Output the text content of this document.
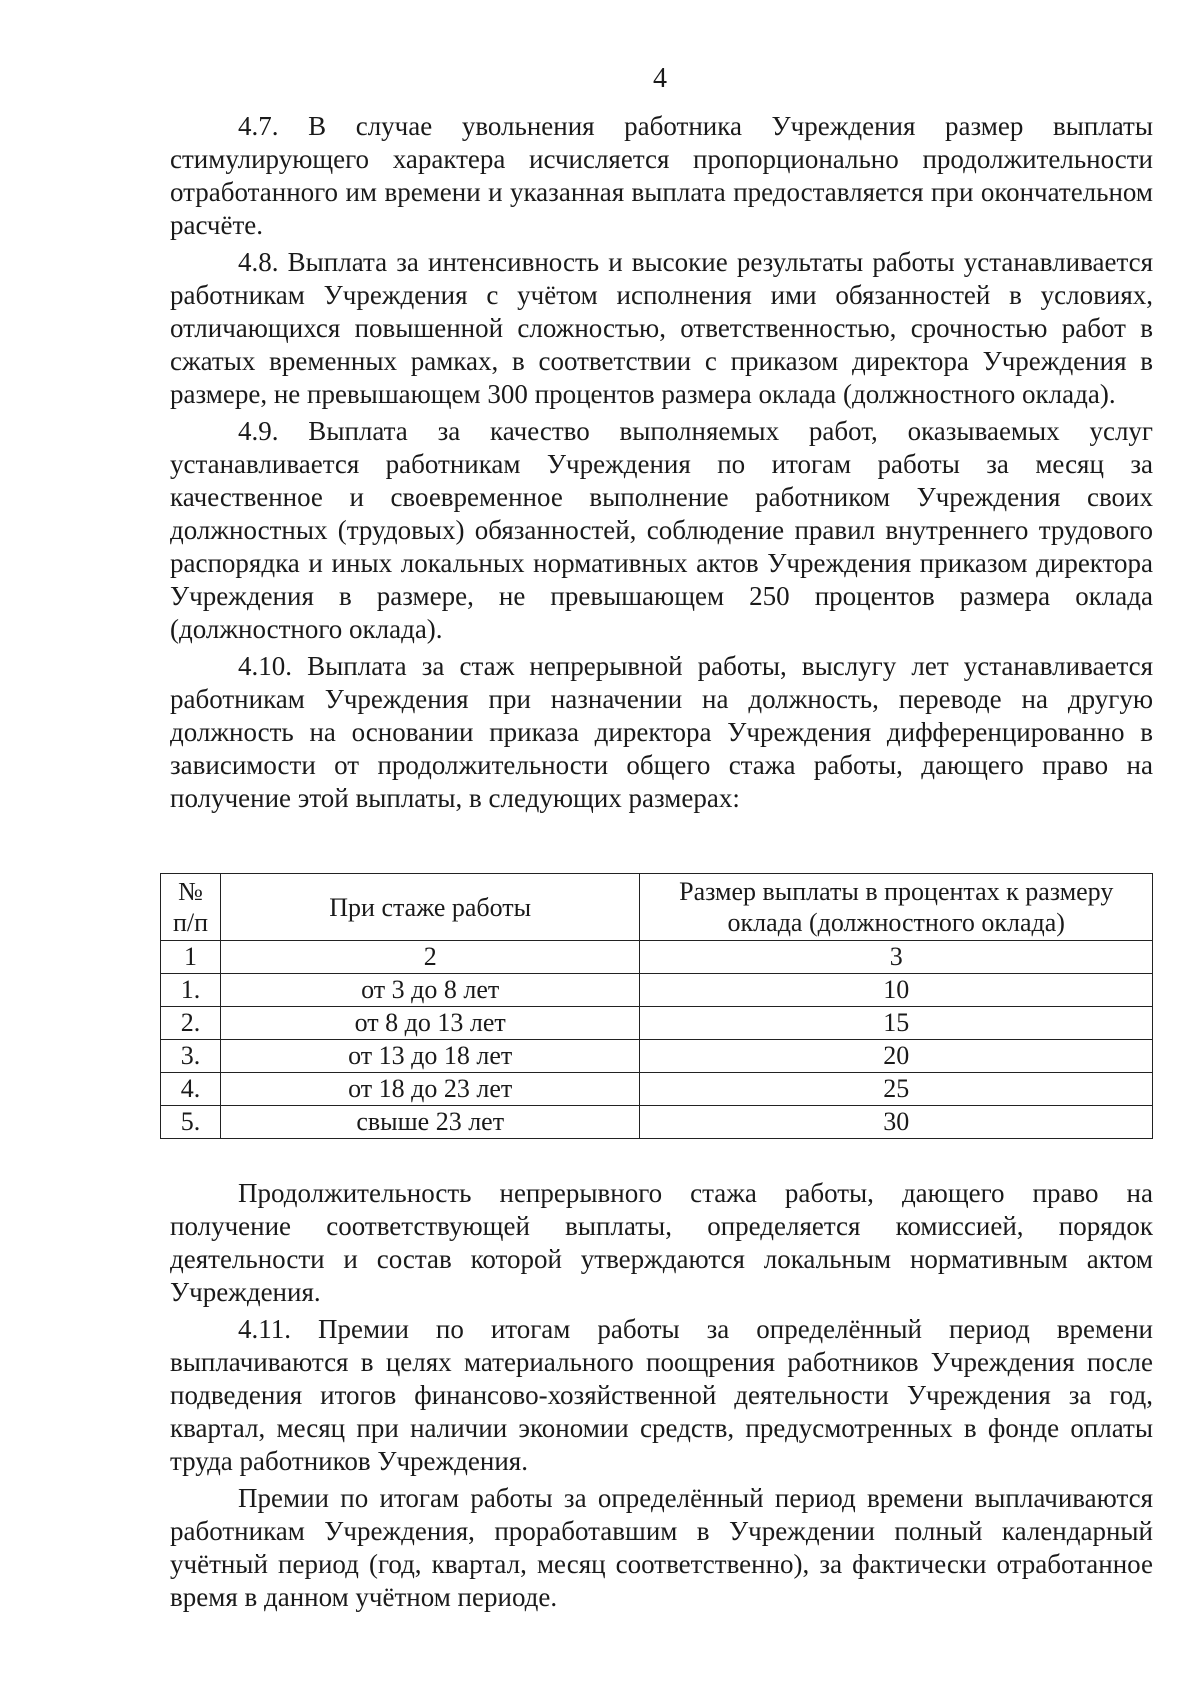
4

4.7. В случае увольнения работника Учреждения размер выплаты стимулирующего характера исчисляется пропорционально продолжительности отработанного им времени и указанная выплата предоставляется при окончательном расчёте.

4.8. Выплата за интенсивность и высокие результаты работы устанавливается работникам Учреждения с учётом исполнения ими обязанностей в условиях, отличающихся повышенной сложностью, ответственностью, срочностью работ в сжатых временных рамках, в соответствии с приказом директора Учреждения в размере, не превышающем 300 процентов размера оклада (должностного оклада).

4.9. Выплата за качество выполняемых работ, оказываемых услуг устанавливается работникам Учреждения по итогам работы за месяц за качественное и своевременное выполнение работником Учреждения своих должностных (трудовых) обязанностей, соблюдение правил внутреннего трудового распорядка и иных локальных нормативных актов Учреждения приказом директора Учреждения в размере, не превышающем 250 процентов размера оклада (должностного оклада).

4.10. Выплата за стаж непрерывной работы, выслугу лет устанавливается работникам Учреждения при назначении на должность, переводе на другую должность на основании приказа директора Учреждения дифференцированно в зависимости от продолжительности общего стажа работы, дающего право на получение этой выплаты, в следующих размерах:

№ п/п	При стаже работы	Размер выплаты в процентах к размеру оклада (должностного оклада)
1	2	3
1.	от 3 до 8 лет	10
2.	от 8 до 13 лет	15
3.	от 13 до 18 лет	20
4.	от 18 до 23 лет	25
5.	свыше 23 лет	30

Продолжительность непрерывного стажа работы, дающего право на получение соответствующей выплаты, определяется комиссией, порядок деятельности и состав которой утверждаются локальным нормативным актом Учреждения.

4.11. Премии по итогам работы за определённый период времени выплачиваются в целях материального поощрения работников Учреждения после подведения итогов финансово-хозяйственной деятельности Учреждения за год, квартал, месяц при наличии экономии средств, предусмотренных в фонде оплаты труда работников Учреждения.

Премии по итогам работы за определённый период времени выплачиваются работникам Учреждения, проработавшим в Учреждении полный календарный учётный период (год, квартал, месяц соответственно), за фактически отработанное время в данном учётном периоде.
